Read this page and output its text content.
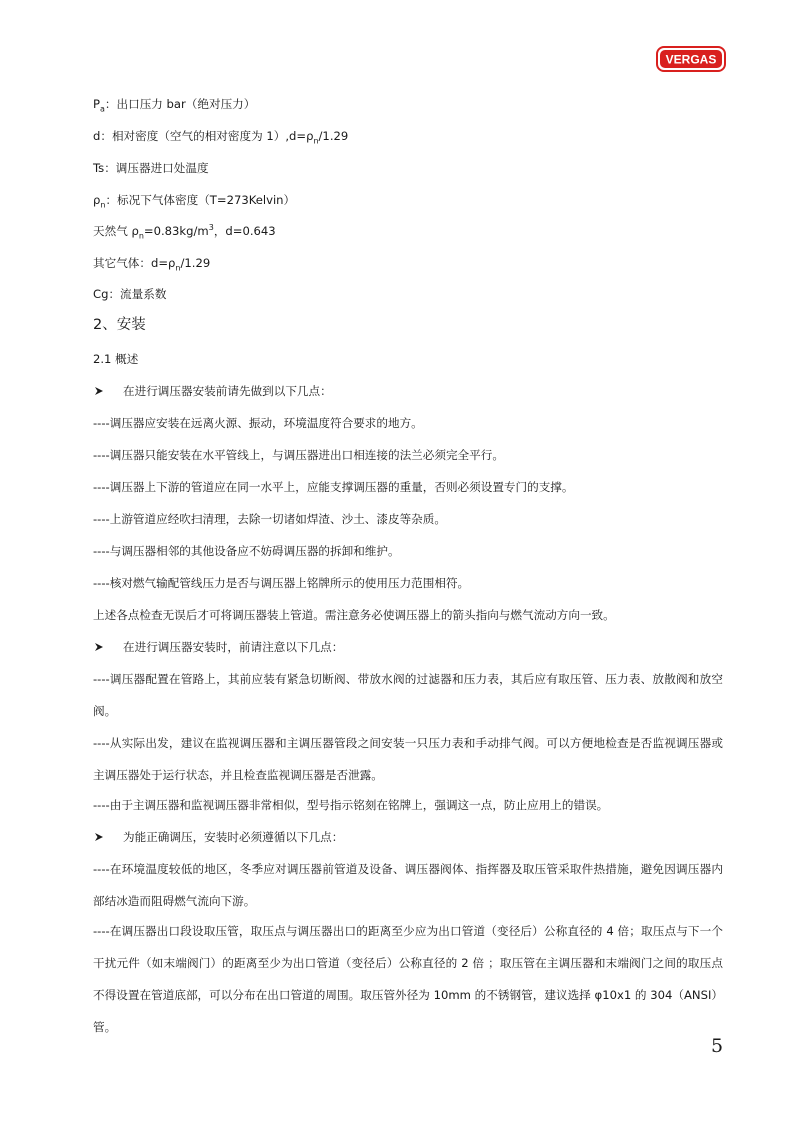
VERGAS
$P_a$：出口压力 bar（绝对压力）
d：相对密度（空气的相对密度为 $1),d=\rho_n/1.29$
Ts：调压器进口处温度
$\rho_n$：标况下气体密度（T=273Kelvin）
天然气 $\rho_n=0.83kg/m^3$，d=0.643
其它气体：$d=\rho_n/1.29$
Cg：流量系数
2、安装
2.1 概述
在进行调压器安装前请先做到以下几点：
----调压器应安装在远离火源、振动，环境温度符合要求的地方。
----调压器只能安装在水平管线上，与调压器进出口相连接的法兰必须完全平行。
----调压器上下游的管道应在同一水平上，应能支撑调压器的重量，否则必须设置专门的支撑。
----上游管道应经吹扫清理，去除一切诸如焊渣、沙土、漆皮等杂质。
----与调压器相邻的其他设备应不妨碍调压器的拆卸和维护。
----核对燃气输配管线压力是否与调压器上铭牌所示的使用压力范围相符。
上述各点检查无误后才可将调压器装上管道。需注意务必使调压器上的箭头指向与燃气流动方向一致。
在进行调压器安装时，前请注意以下几点：
----调压器配置在管路上，其前应装有紧急切断阀、带放水阀的过滤器和压力表，其后应有取压管、压力表、放散阀和放空阀。
----从实际出发，建议在监视调压器和主调压器管段之间安装一只压力表和手动排气阀。可以方便地检查是否监视调压器或主调压器处于运行状态，并且检查监视调压器是否泄露。
----由于主调压器和监视调压器非常相似，型号指示铭刻在铭牌上，强调这一点，防止应用上的错误。
为能正确调压，安装时必须遵循以下几点：
----在环境温度较低的地区，冬季应对调压器前管道及设备、调压器阀体、指挥器及取压管采取件热措施，避免因调压器内部结冰造而阻碍燃气流向下游。
----在调压器出口段设取压管，取压点与调压器出口的距离至少应为出口管道（变径后）公称直径的 4 倍；取压点与下一个干扰元件（如末端阀门）的距离至少为出口管道（变径后）公称直径的 2 倍 ；取压管在主调压器和末端阀门之间的取压点不得设置在管道底部，可以分布在出口管道的周围。取压管外径为 10mm 的不锈钢管，建议选择 φ10x1 的 304（ANSI）管。
5
